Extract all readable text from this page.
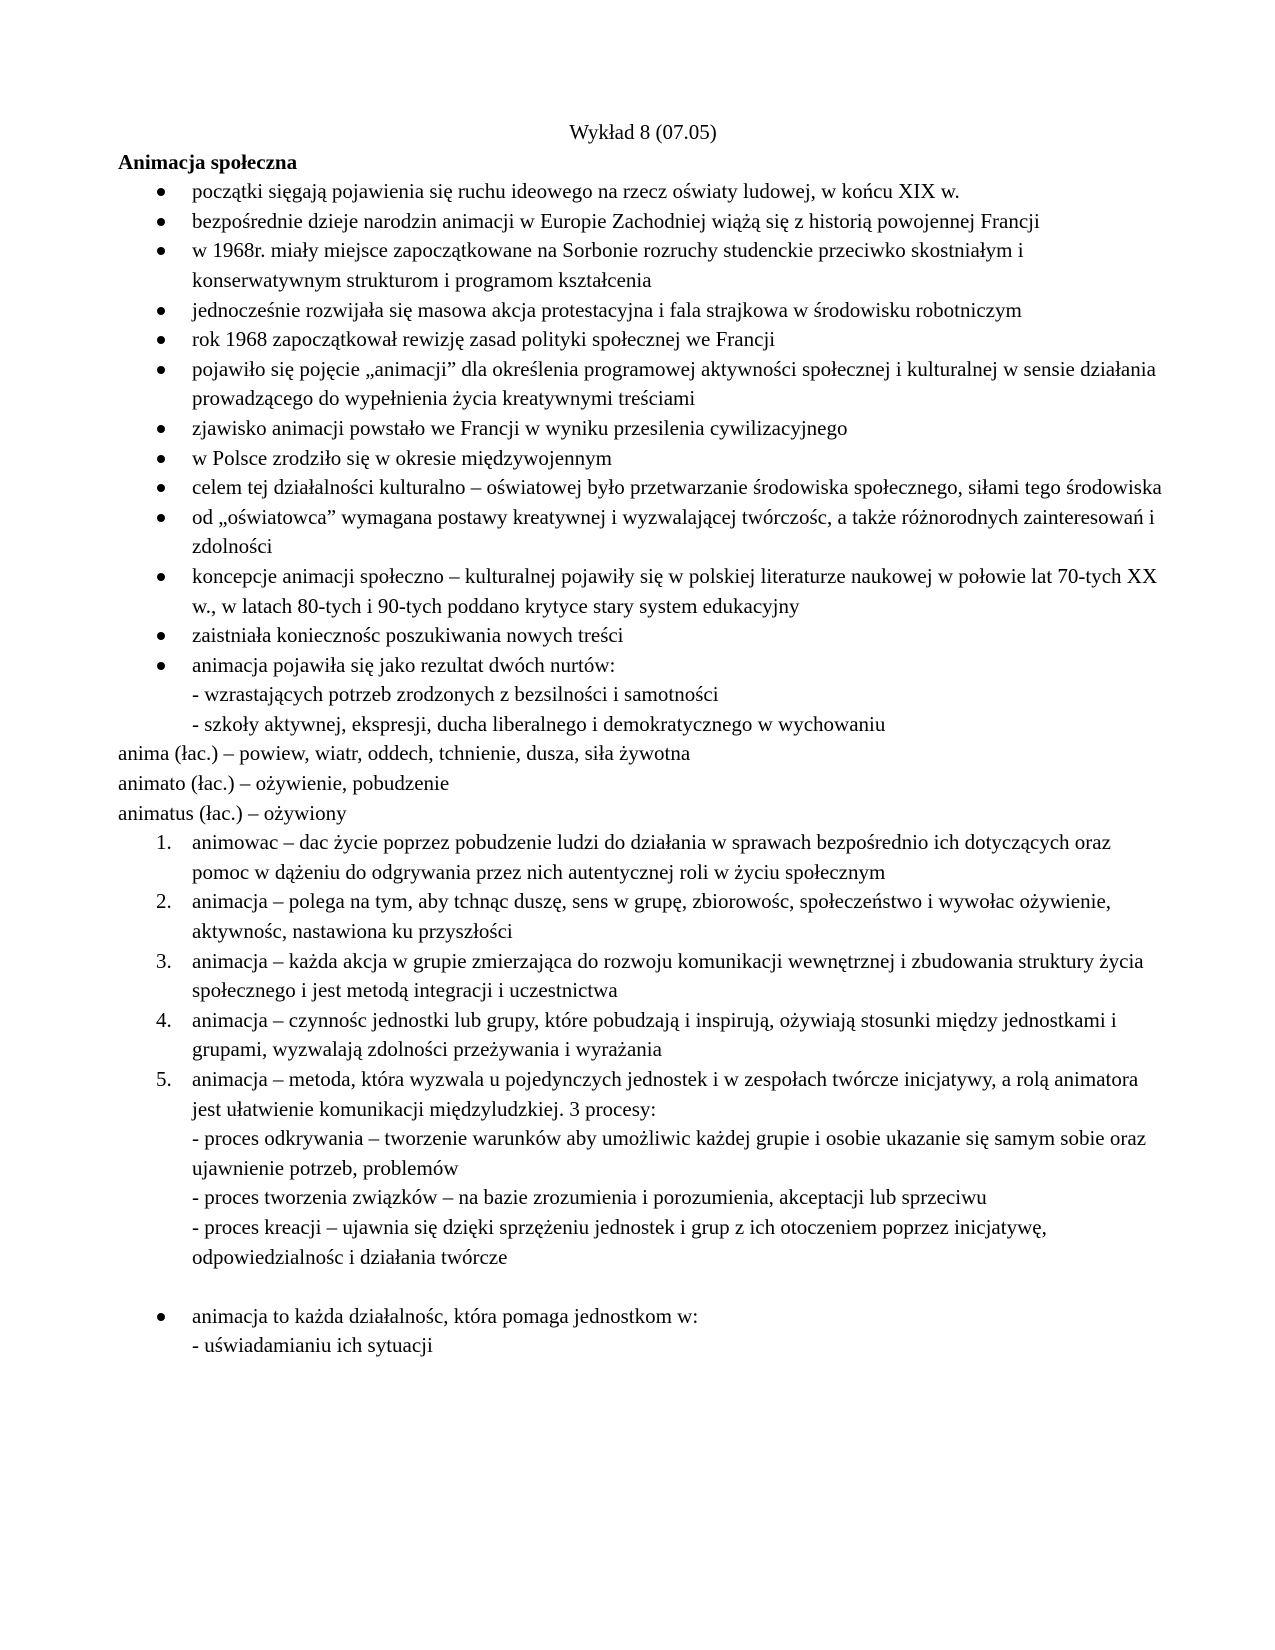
Wykład 8 (07.05)

Animacja społeczna

początki sięgają pojawienia się ruchu ideowego na rzecz oświaty ludowej, w końcu XIX w.
bezpośrednie dzieje narodzin animacji w Europie Zachodniej wiążą się z historią powojennej Francji
w 1968r. miały miejsce zapoczątkowane na Sorbonie rozruchy studenckie przeciwko skostniałym i konserwatywnym strukturom i programom kształcenia
jednocześnie rozwijała się masowa akcja protestacyjna i fala strajkowa w środowisku robotniczym
rok 1968 zapoczątkował rewizję zasad polityki społecznej we Francji
pojawiło się pojęcie „animacji” dla określenia programowej aktywności społecznej i kulturalnej w sensie działania prowadzącego do wypełnienia życia kreatywnymi treściami
zjawisko animacji powstało we Francji w wyniku przesilenia cywilizacyjnego
w Polsce zrodziło się w okresie międzywojennym
celem tej działalności kulturalno – oświatowej było przetwarzanie środowiska społecznego, siłami tego środowiska
od „oświatowca” wymagana postawy kreatywnej i wyzwalającej twórczośc, a także różnorodnych zainteresowań i zdolności
koncepcje animacji społeczno – kulturalnej pojawiły się w polskiej literaturze naukowej w połowie lat 70-tych XX w., w latach 80-tych i 90-tych poddano krytyce stary system edukacyjny
zaistniała koniecznośc poszukiwania nowych treści
animacja pojawiła się jako rezultat dwóch nurtów:
- wzrastających potrzeb zrodzonych z bezsilności i samotności
- szkoły aktywnej, ekspresji, ducha liberalnego i demokratycznego w wychowaniu

anima (łac.) – powiew, wiatr, oddech, tchnienie, dusza, siła żywotna

animato (łac.) – ożywienie, pobudzenie

animatus (łac.) – ożywiony

1. animowac – dac życie poprzez pobudzenie ludzi do działania w sprawach bezpośrednio ich dotyczących oraz pomoc w dążeniu do odgrywania przez nich autentycznej roli w życiu społecznym
2. animacja – polega na tym, aby tchnąc duszę, sens w grupę, zbiorowośc, społeczeństwo i wywołac ożywienie, aktywnośc, nastawiona ku przyszłości
3. animacja – każda akcja w grupie zmierzająca do rozwoju komunikacji wewnętrznej i zbudowania struktury życia społecznego i jest metodą integracji i uczestnictwa
4. animacja – czynnośc jednostki lub grupy, które pobudzają i inspirują, ożywiają stosunki między jednostkami i grupami, wyzwalają zdolności przeżywania i wyrażania
5. animacja – metoda, która wyzwala u pojedynczych jednostek i w zespołach twórcze inicjatywy, a rolą animatora jest ułatwienie komunikacji międzyludzkiej. 3 procesy:
- proces odkrywania – tworzenie warunków aby umożliwic każdej grupie i osobie ukazanie się samym sobie oraz ujawnienie potrzeb, problemów
- proces tworzenia związków – na bazie zrozumienia i porozumienia, akceptacji lub sprzeciwu
- proces kreacji – ujawnia się dzięki sprzężeniu jednostek i grup z ich otoczeniem poprzez inicjatywę, odpowiedzialnośc i działania twórcze
animacja to każda działalnośc, która pomaga jednostkom w:
- uświadamianiu ich sytuacji
